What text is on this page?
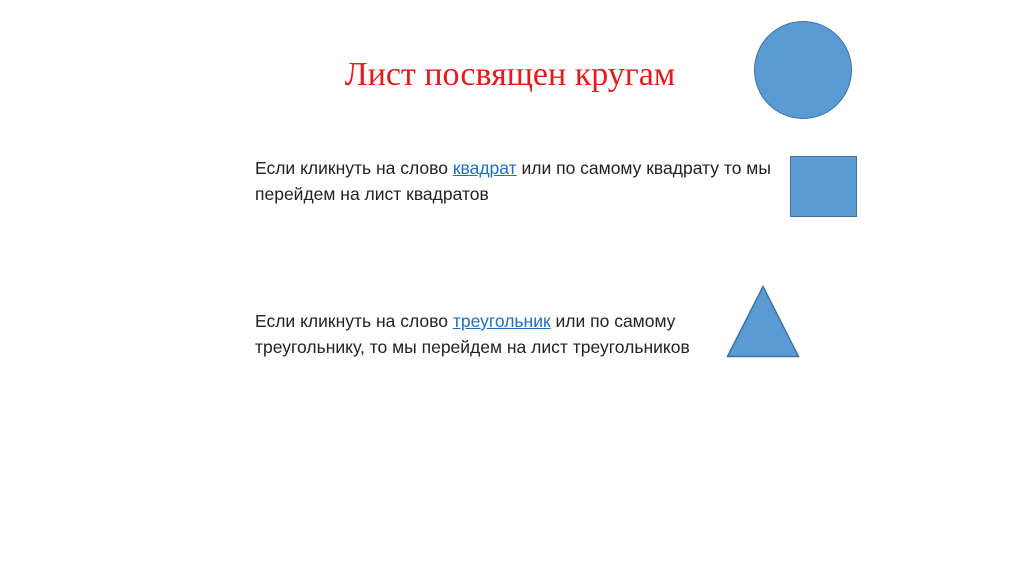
Лист посвящен кругам

Если кликнуть на слово квадрат или по самому квадрату то мы перейдем на лист квадратов

Если кликнуть на слово треугольник или по самому треугольнику, то мы перейдем на лист треугольников
